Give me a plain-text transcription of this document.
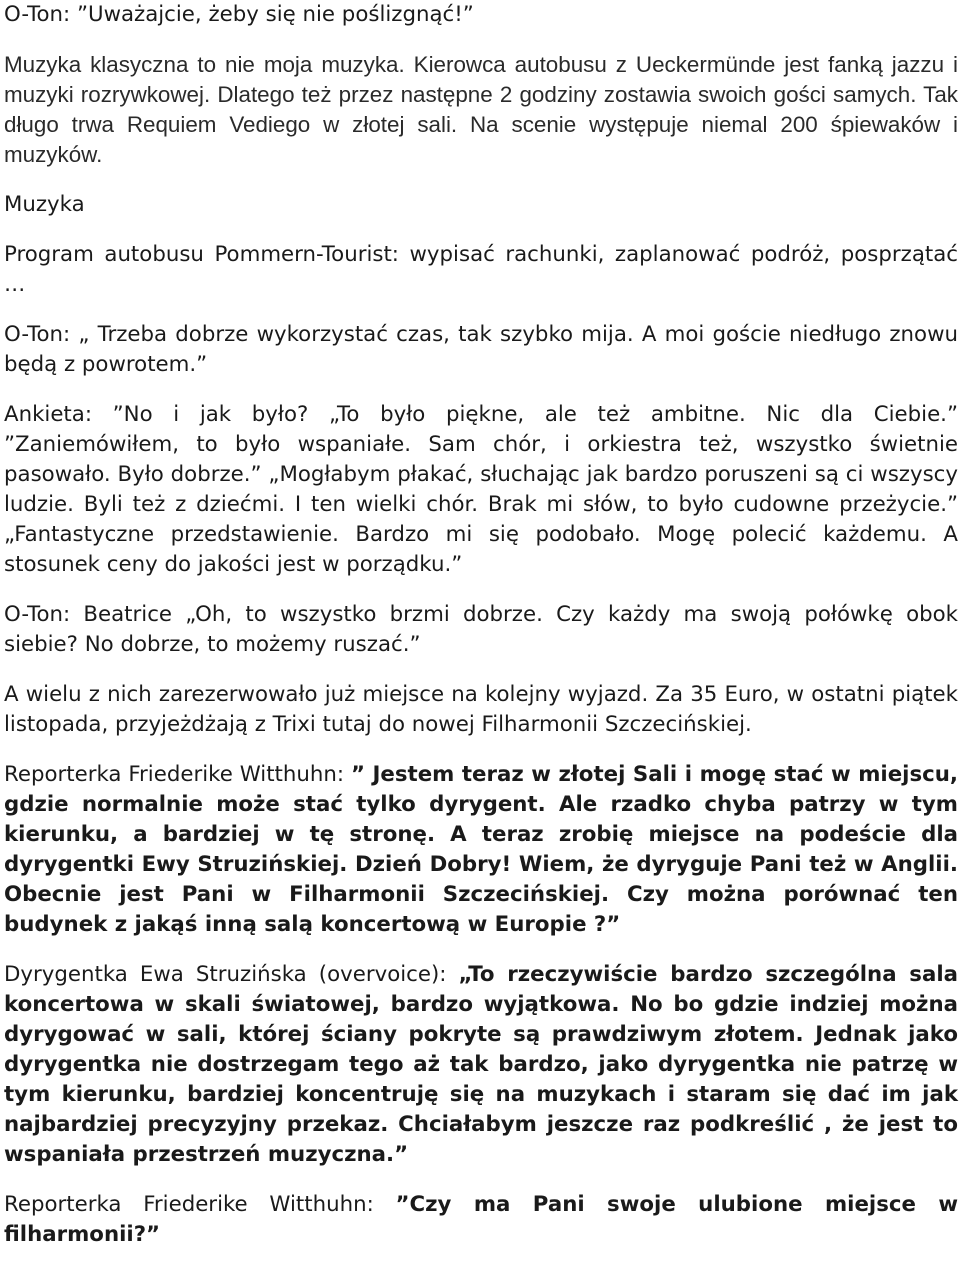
O-Ton: ”Uważajcie, żeby się nie poślizgnąć!”

Muzyka klasyczna to nie moja muzyka. Kierowca autobusu z Ueckermünde jest fanką jazzu i muzyki rozrywkowej. Dlatego też przez następne 2 godziny zostawia swoich gości samych. Tak długo trwa Requiem Vediego w złotej sali. Na scenie występuje niemal 200 śpiewaków i muzyków.

Muzyka

Program autobusu Pommern-Tourist: wypisać rachunki, zaplanować podróż, posprzątać …

O-Ton: „ Trzeba dobrze wykorzystać czas, tak szybko mija. A moi goście niedługo znowu będą z powrotem.”

Ankieta: ”No i jak było? „To było piękne, ale też ambitne. Nic dla Ciebie.” ”Zaniemówiłem, to było wspaniałe. Sam chór, i orkiestra też, wszystko świetnie pasowało. Było dobrze.” „Mogłabym płakać, słuchając jak bardzo poruszeni są ci wszyscy ludzie. Byli też z dziećmi. I ten wielki chór. Brak mi słów, to było cudowne przeżycie.” „Fantastyczne przedstawienie. Bardzo mi się podobało. Mogę polecić każdemu. A stosunek ceny do jakości jest w porządku.”

O-Ton: Beatrice „Oh, to wszystko brzmi dobrze. Czy każdy ma swoją połówkę obok siebie? No dobrze, to możemy ruszać.”

A wielu z nich zarezerwowało już miejsce na kolejny wyjazd. Za 35 Euro, w ostatni piątek listopada, przyjeżdżają z Trixi tutaj do nowej Filharmonii Szczecińskiej.

Reporterka Friederike Witthuhn: ” Jestem teraz w złotej Sali i mogę stać w miejscu, gdzie normalnie może stać tylko dyrygent. Ale rzadko chyba patrzy w tym kierunku, a bardziej w tę stronę. A teraz zrobię miejsce na podeście dla dyrygentki Ewy Struzińskiej. Dzień Dobry! Wiem, że dyryguje Pani też w Anglii. Obecnie jest Pani w Filharmonii Szczecińskiej. Czy można porównać ten budynek z jakąś inną salą koncertową w Europie ?”

Dyrygentka Ewa Struzińska (overvoice): „To rzeczywiście bardzo szczególna sala koncertowa w skali światowej, bardzo wyjątkowa. No bo gdzie indziej można dyrygować w sali, której ściany pokryte są prawdziwym złotem. Jednak jako dyrygentka nie dostrzegam tego aż tak bardzo, jako dyrygentka nie patrzę w tym kierunku, bardziej koncentruję się na muzykach i staram się dać im jak najbardziej precyzyjny przekaz. Chciałabym jeszcze raz podkreślić , że jest to wspaniała przestrzeń muzyczna.”

Reporterka Friederike Witthuhn: ”Czy ma Pani swoje ulubione miejsce w filharmonii?”
